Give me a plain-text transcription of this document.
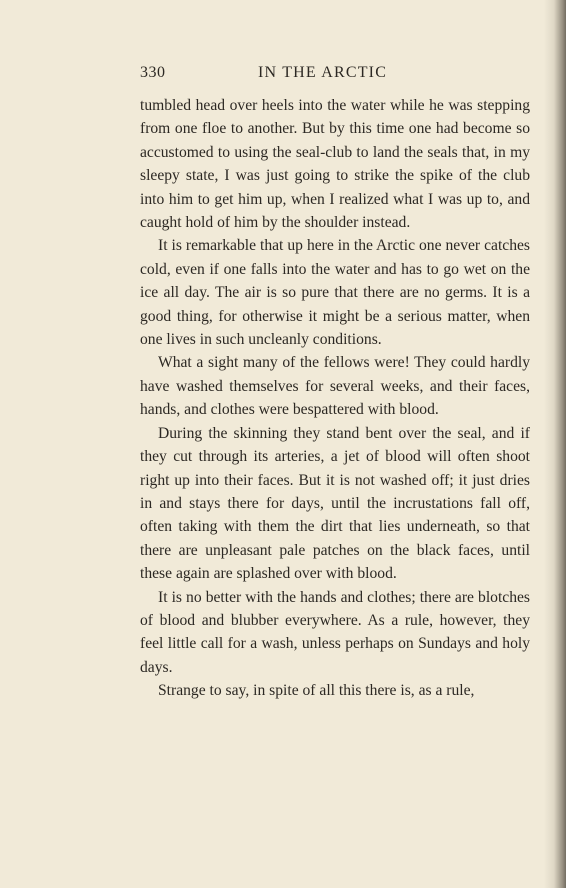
330	IN THE ARCTIC

tumbled head over heels into the water while he was stepping from one floe to another. But by this time one had become so accustomed to using the seal-club to land the seals that, in my sleepy state, I was just going to strike the spike of the club into him to get him up, when I realized what I was up to, and caught hold of him by the shoulder instead.

It is remarkable that up here in the Arctic one never catches cold, even if one falls into the water and has to go wet on the ice all day. The air is so pure that there are no germs. It is a good thing, for otherwise it might be a serious matter, when one lives in such uncleanly conditions.

What a sight many of the fellows were! They could hardly have washed themselves for several weeks, and their faces, hands, and clothes were bespattered with blood.

During the skinning they stand bent over the seal, and if they cut through its arteries, a jet of blood will often shoot right up into their faces. But it is not washed off; it just dries in and stays there for days, until the incrustations fall off, often taking with them the dirt that lies underneath, so that there are unpleasant pale patches on the black faces, until these again are splashed over with blood.

It is no better with the hands and clothes; there are blotches of blood and blubber everywhere. As a rule, however, they feel little call for a wash, unless perhaps on Sundays and holy days.

Strange to say, in spite of all this there is, as a rule,
